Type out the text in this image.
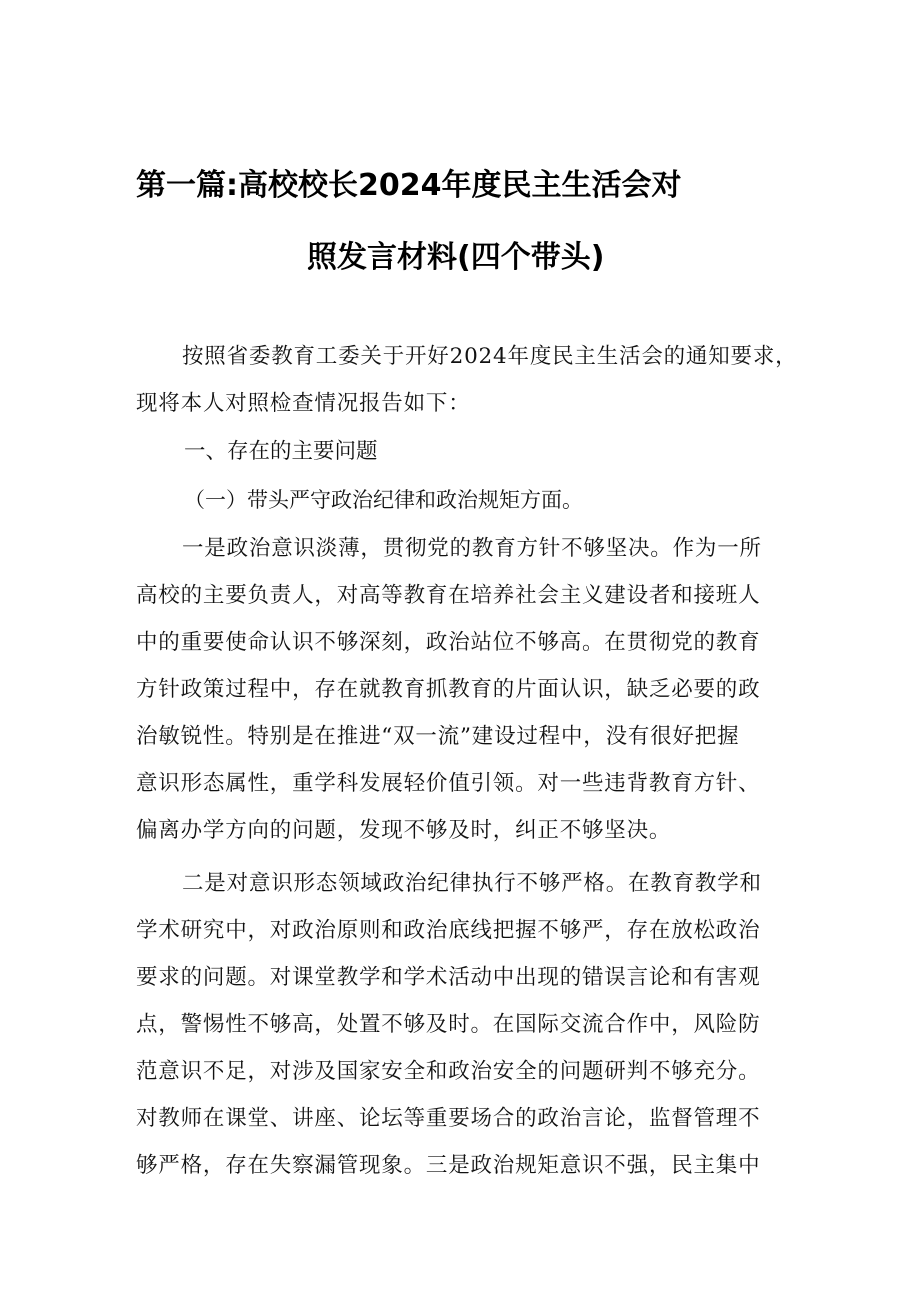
第一篇:高校校长2024年度民主生活会对
照发言材料(四个带头)
按照省委教育工委关于开好2024年度民主生活会的通知要求，
现将本人对照检查情况报告如下：
一、存在的主要问题
（一）带头严守政治纪律和政治规矩方面。
一是政治意识淡薄，贯彻党的教育方针不够坚决。作为一所
高校的主要负责人，对高等教育在培养社会主义建设者和接班人
中的重要使命认识不够深刻，政治站位不够高。在贯彻党的教育
方针政策过程中，存在就教育抓教育的片面认识，缺乏必要的政
治敏锐性。特别是在推进“双一流”建设过程中，没有很好把握
意识形态属性，重学科发展轻价值引领。对一些违背教育方针、
偏离办学方向的问题，发现不够及时，纠正不够坚决。
二是对意识形态领域政治纪律执行不够严格。在教育教学和
学术研究中，对政治原则和政治底线把握不够严，存在放松政治
要求的问题。对课堂教学和学术活动中出现的错误言论和有害观
点，警惕性不够高，处置不够及时。在国际交流合作中，风险防
范意识不足，对涉及国家安全和政治安全的问题研判不够充分。
对教师在课堂、讲座、论坛等重要场合的政治言论，监督管理不
够严格，存在失察漏管现象。三是政治规矩意识不强，民主集中
